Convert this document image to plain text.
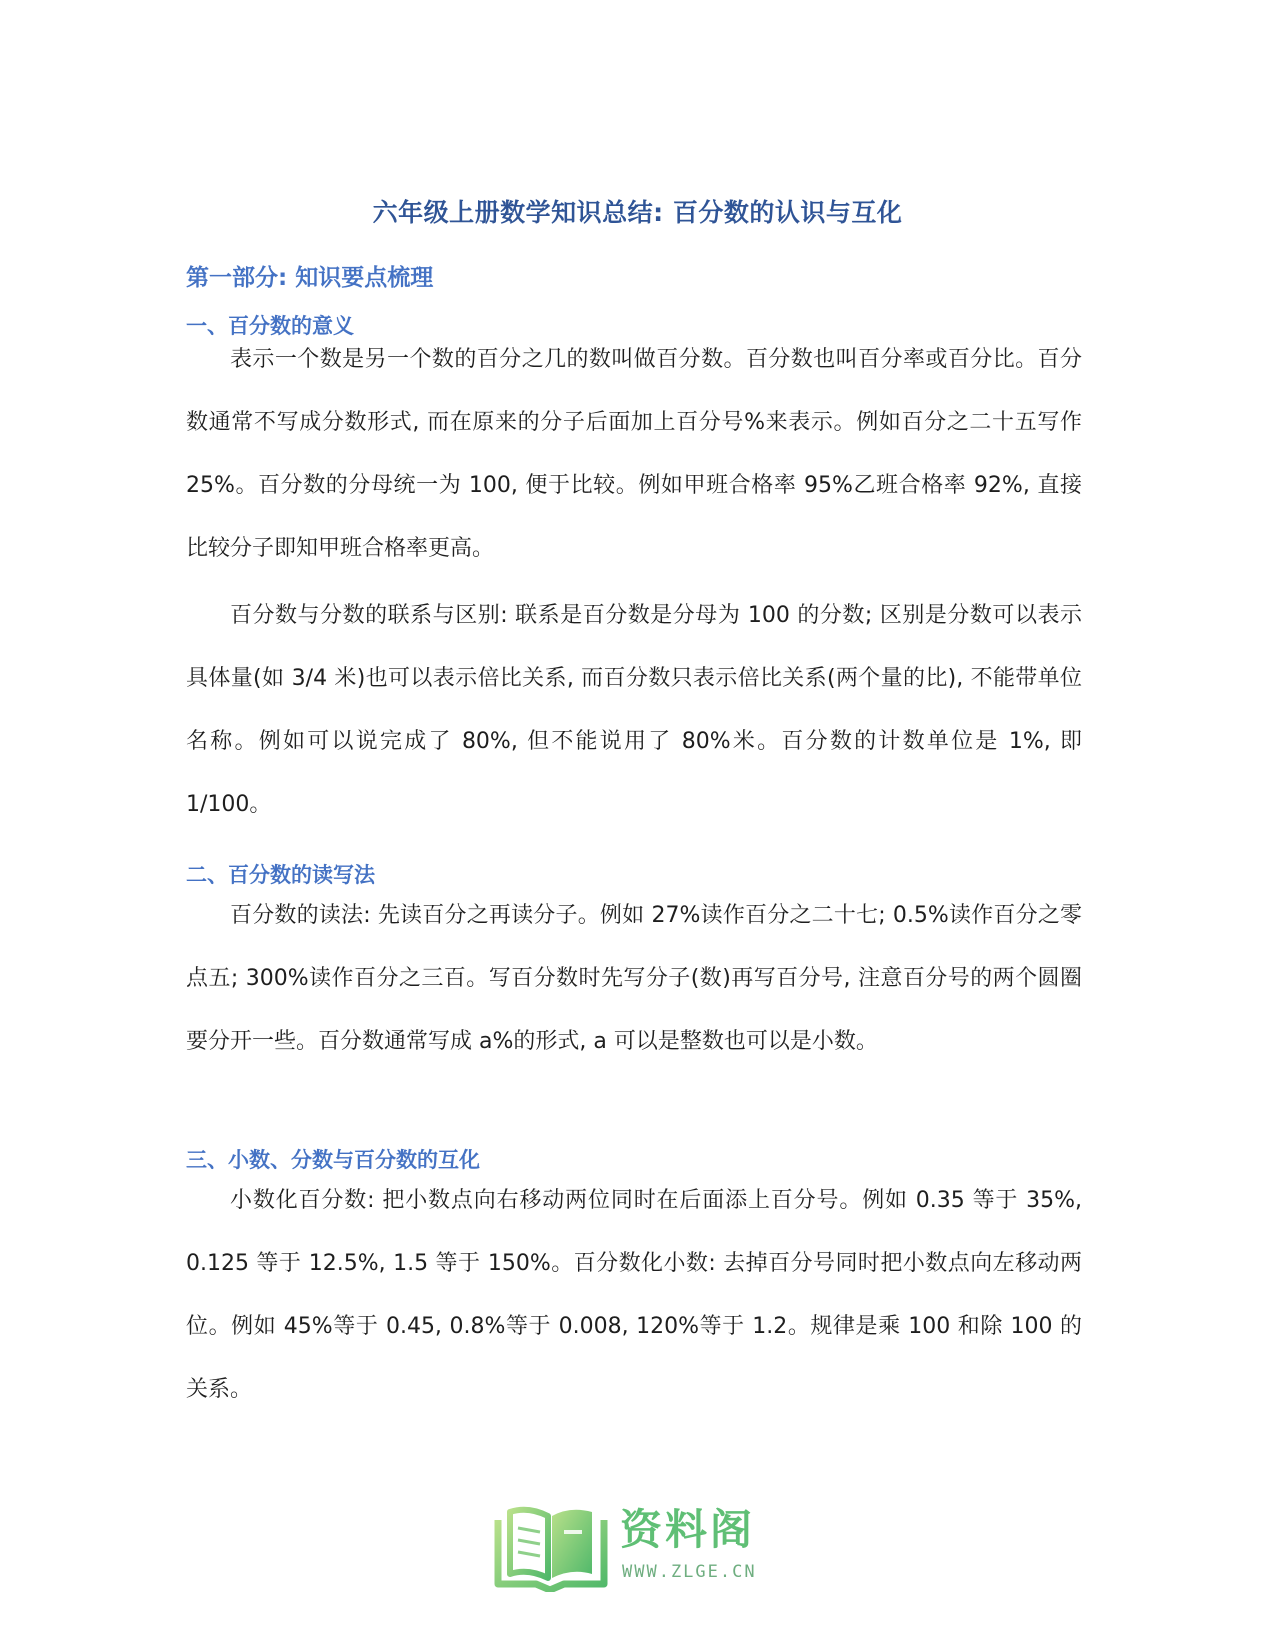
六年级上册数学知识总结: 百分数的认识与互化
第一部分: 知识要点梳理
一、百分数的意义

表示一个数是另一个数的百分之几的数叫做百分数。百分数也叫百分率或百分比。百分数通常不写成分数形式, 而在原来的分子后面加上百分号%来表示。例如百分之二十五写作 25%。百分数的分母统一为 100, 便于比较。例如甲班合格率 95%乙班合格率 92%, 直接比较分子即知甲班合格率更高。

百分数与分数的联系与区别: 联系是百分数是分母为 100 的分数; 区别是分数可以表示具体量(如 3/4 米)也可以表示倍比关系, 而百分数只表示倍比关系(两个量的比), 不能带单位名称。例如可以说完成了 80%, 但不能说用了 80%米。百分数的计数单位是 1%, 即 1/100。

二、百分数的读写法

百分数的读法: 先读百分之再读分子。例如 27%读作百分之二十七; 0.5%读作百分之零点五; 300%读作百分之三百。写百分数时先写分子(数)再写百分号, 注意百分号的两个圆圈要分开一些。百分数通常写成 a%的形式, a 可以是整数也可以是小数。

三、小数、分数与百分数的互化

小数化百分数: 把小数点向右移动两位同时在后面添上百分号。例如 0.35 等于 35%, 0.125 等于 12.5%, 1.5 等于 150%。百分数化小数: 去掉百分号同时把小数点向左移动两位。例如 45%等于 0.45, 0.8%等于 0.008, 120%等于 1.2。规律是乘 100 和除 100 的关系。

资料阁
WWW.ZLGE.CN
